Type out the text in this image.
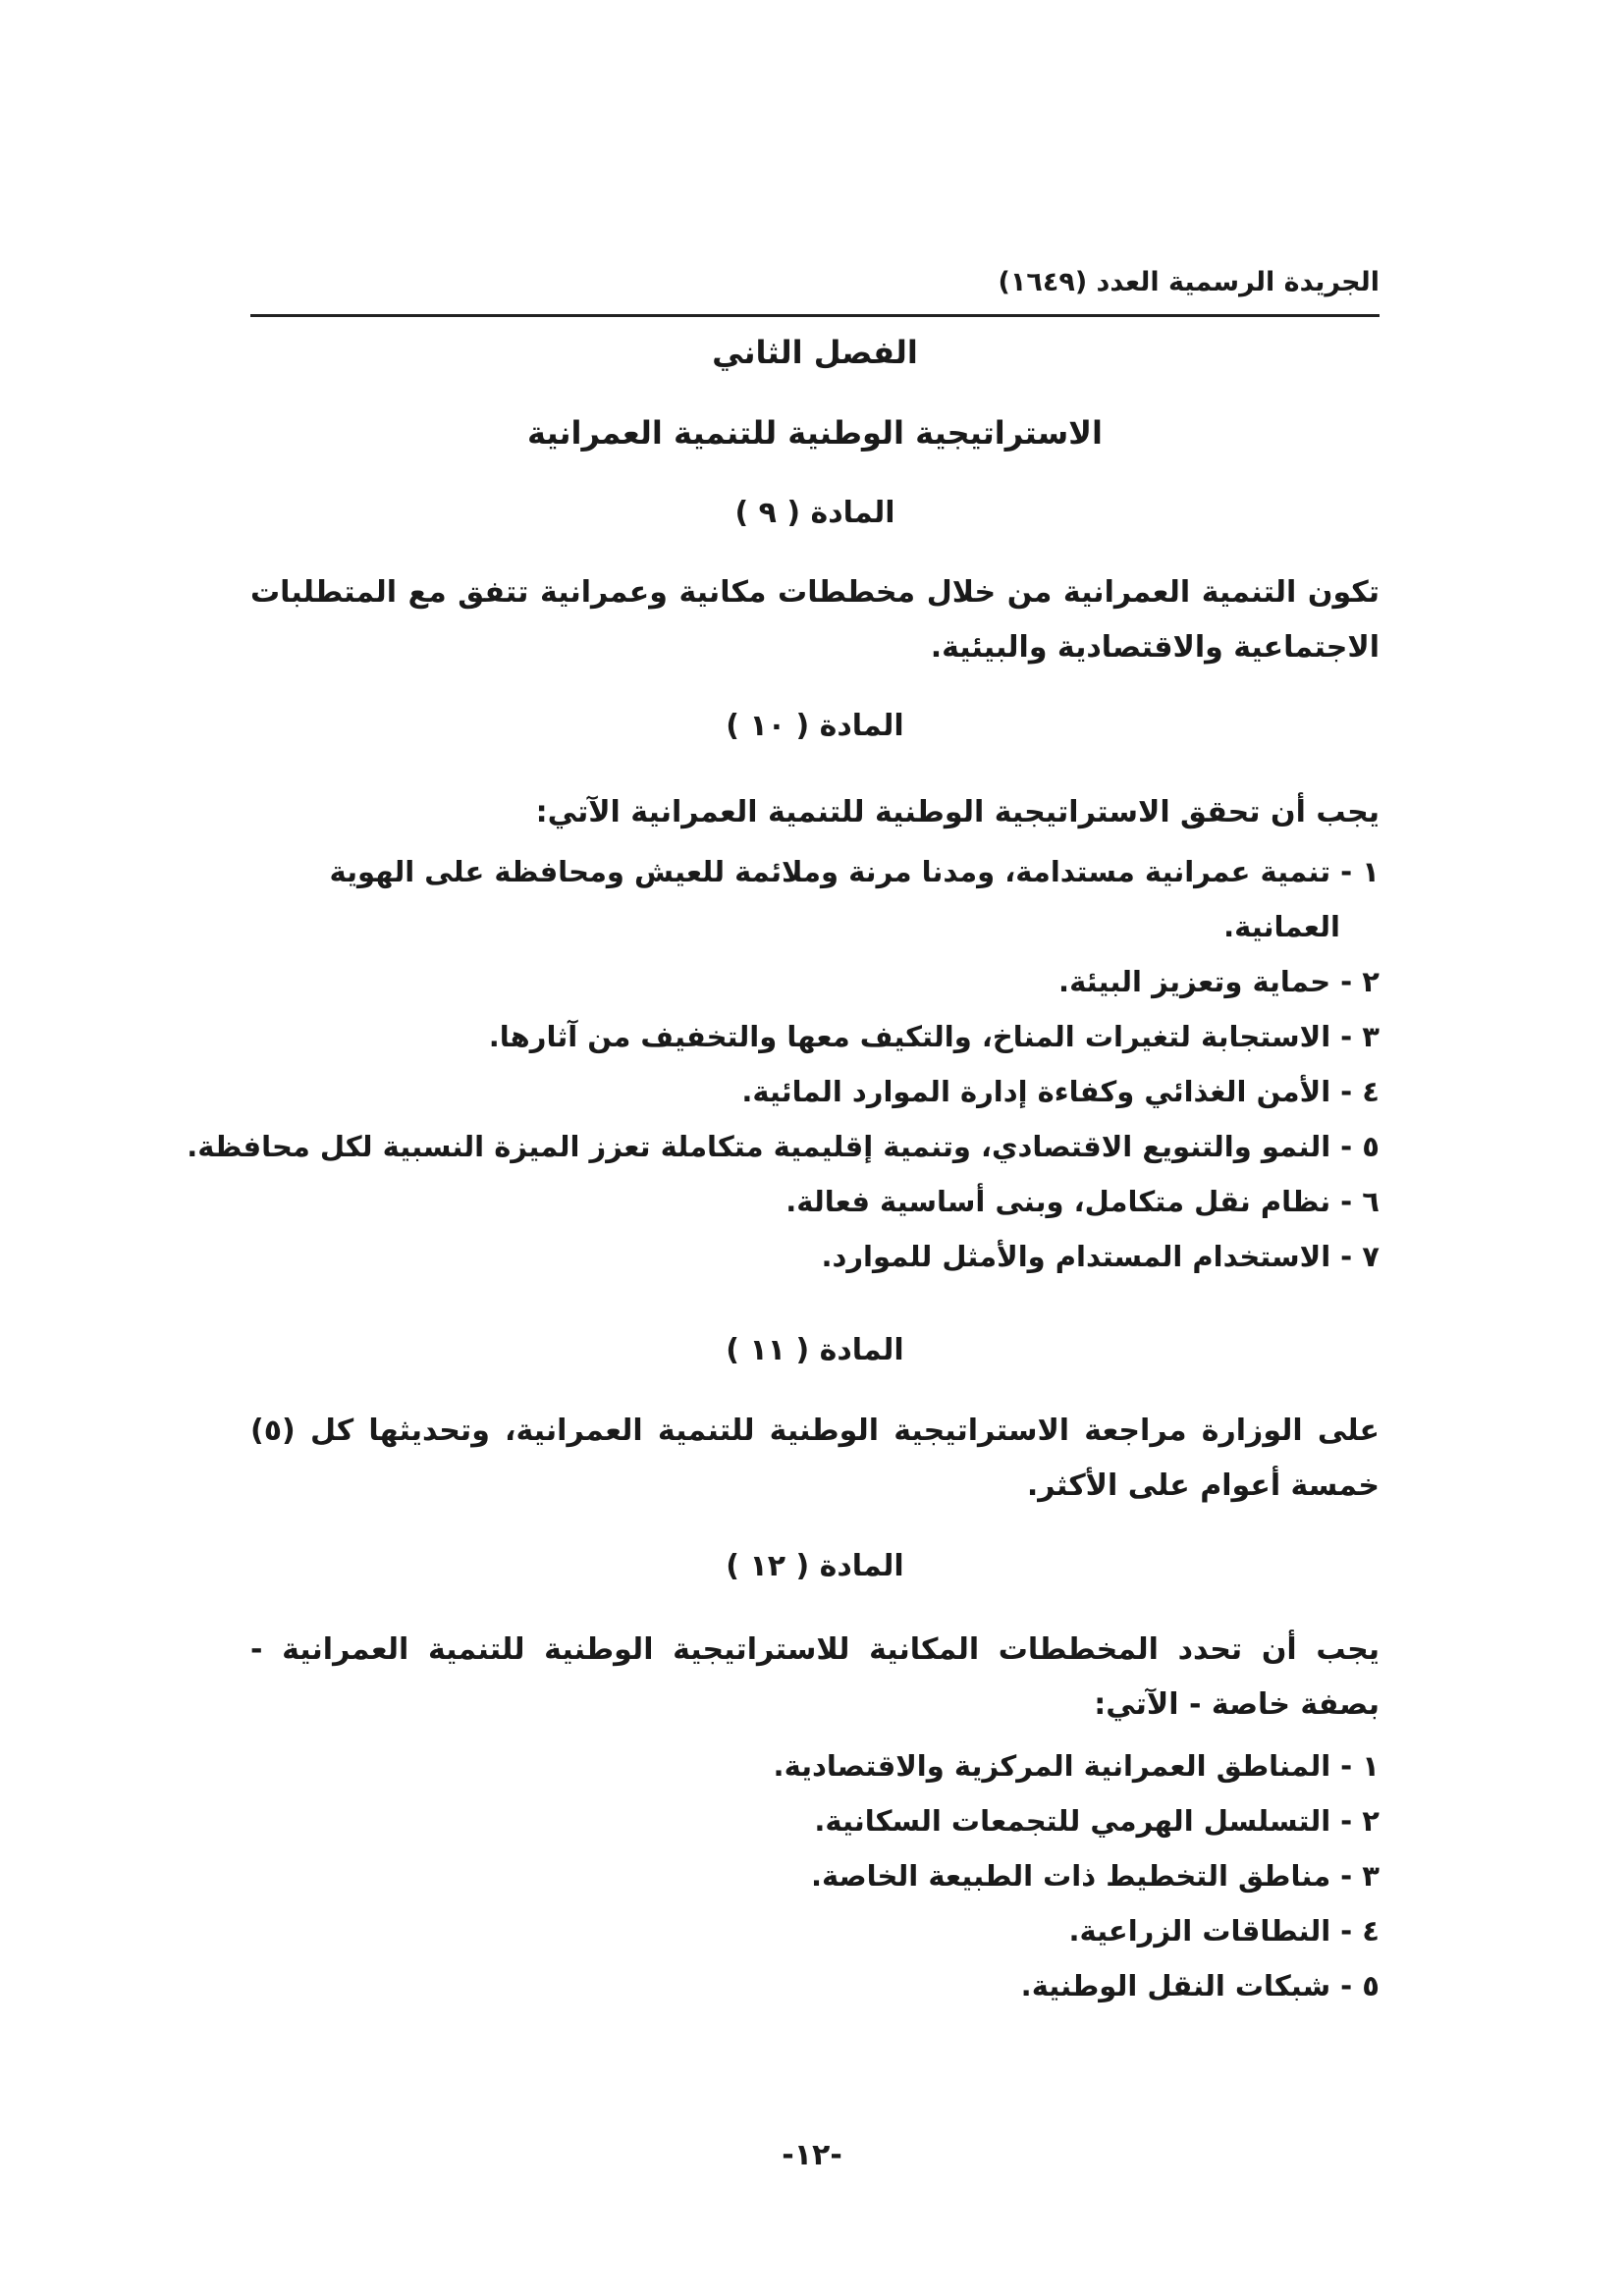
الجريدة الرسمية العدد (١٦٤٩)
الفصل الثاني
الاستراتيجية الوطنية للتنمية العمرانية
المادة ( ٩ )
تكون التنمية العمرانية من خلال مخططات مكانية وعمرانية تتفق مع المتطلبات الاجتماعية والاقتصادية والبيئية.
المادة ( ١٠ )
يجب أن تحقق الاستراتيجية الوطنية للتنمية العمرانية الآتي:
١ -تنمية عمرانية مستدامة، ومدنا مرنة وملائمة للعيش ومحافظة على الهوية
العمانية.
٢ -حماية وتعزيز البيئة.
٣ -الاستجابة لتغيرات المناخ، والتكيف معها والتخفيف من آثارها.
٤ -الأمن الغذائي وكفاءة إدارة الموارد المائية.
٥ -النمو والتنويع الاقتصادي، وتنمية إقليمية متكاملة تعزز الميزة النسبية لكل محافظة.
٦ -نظام نقل متكامل، وبنى أساسية فعالة.
٧ -الاستخدام المستدام والأمثل للموارد.
المادة ( ١١ )
على الوزارة مراجعة الاستراتيجية الوطنية للتنمية العمرانية، وتحديثها كل (٥) خمسة أعوام على الأكثر.
المادة ( ١٢ )
يجب أن تحدد المخططات المكانية للاستراتيجية الوطنية للتنمية العمرانية - بصفة خاصة - الآتي:
١ -المناطق العمرانية المركزية والاقتصادية.
٢ -التسلسل الهرمي للتجمعات السكانية.
٣ -مناطق التخطيط ذات الطبيعة الخاصة.
٤ -النطاقات الزراعية.
٥ -شبكات النقل الوطنية.
-١٢-
